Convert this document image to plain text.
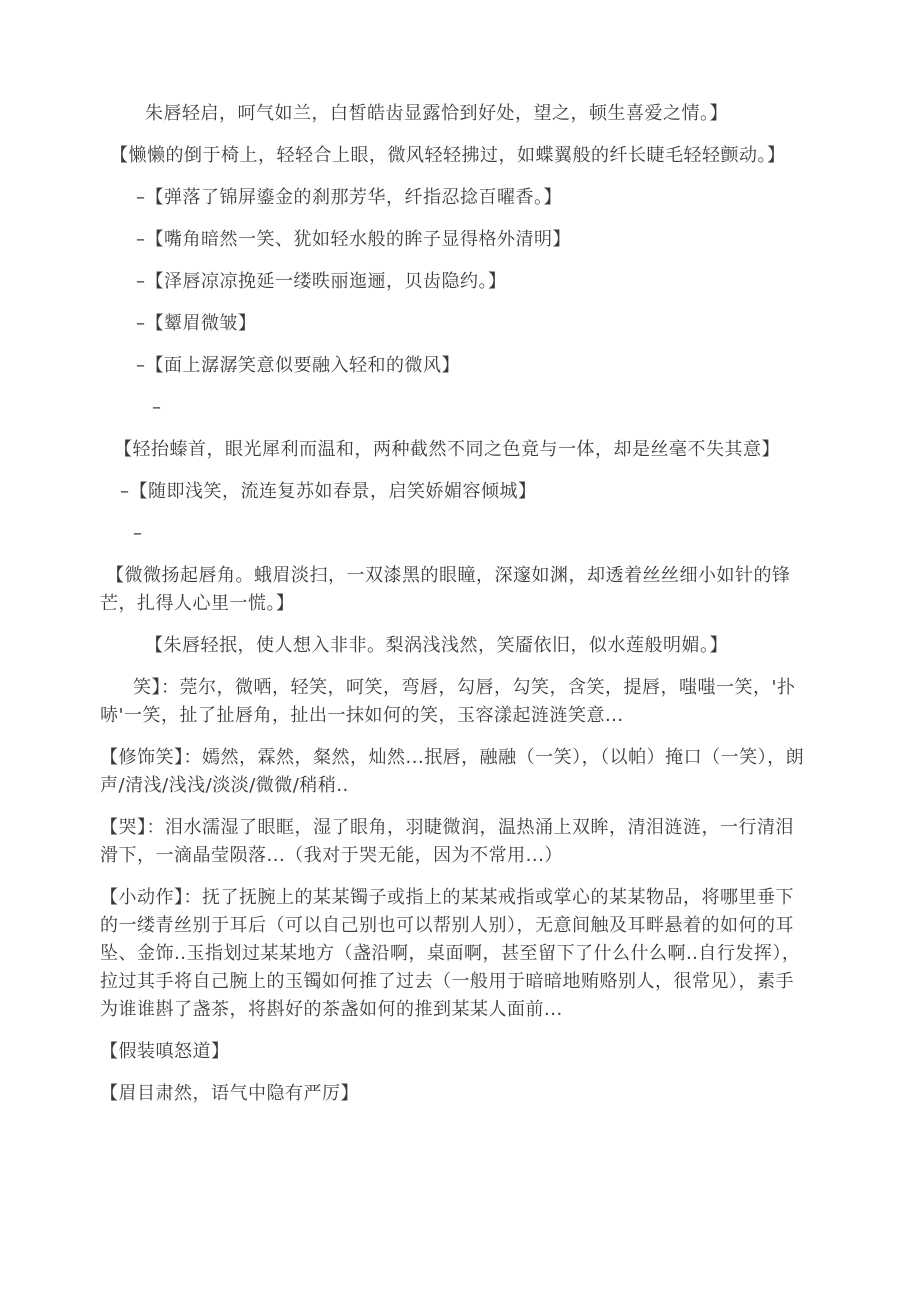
朱唇轻启，呵气如兰，白皙皓齿显露恰到好处，望之，顿生喜爱之情。】

【懒懒的倒于椅上，轻轻合上眼，微风轻轻拂过，如蝶翼般的纤长睫毛轻轻颤动。】

–【弹落了锦屏鎏金的刹那芳华，纤指忍捻百曜香。】

–【嘴角暗然一笑、犹如轻水般的眸子显得格外清明】

–【泽唇凉凉挽延一缕昳丽迤逦，贝齿隐约。】

–【颦眉微皱】

–【面上潺潺笑意似要融入轻和的微风】

–

【轻抬螓首，眼光犀利而温和，两种截然不同之色竟与一体，却是丝毫不失其意】

–【随即浅笑，流连复苏如春景，启笑娇媚容倾城】

–

【微微扬起唇角。蛾眉淡扫，一双漆黑的眼瞳，深邃如渊，却透着丝丝细小如针的锋芒，扎得人心里一慌。】

【朱唇轻抿，使人想入非非。梨涡浅浅然，笑靥依旧，似水莲般明媚。】

笑】：莞尔，微哂，轻笑，呵笑，弯唇，勾唇，勾笑，含笑，提唇，嗤嗤一笑，'扑哧'一笑，扯了扯唇角，扯出一抹如何的笑，玉容漾起涟涟笑意...

【修饰笑】：嫣然，霖然，粲然，灿然...抿唇，融融（一笑），（以帕）掩口（一笑），朗声/清浅/浅浅/淡淡/微微/稍稍..

【哭】：泪水濡湿了眼眶，湿了眼角，羽睫微润，温热涌上双眸，清泪涟涟，一行清泪滑下，一滴晶莹陨落...（我对于哭无能，因为不常用...）

【小动作】：抚了抚腕上的某某镯子或指上的某某戒指或掌心的某某物品，将哪里垂下的一缕青丝别于耳后（可以自己别也可以帮别人别），无意间触及耳畔悬着的如何的耳坠、金饰..玉指划过某某地方（盏沿啊，桌面啊，甚至留下了什么什么啊..自行发挥），拉过其手将自己腕上的玉镯如何推了过去（一般用于暗暗地贿赂别人，很常见），素手为谁谁斟了盏茶，将斟好的茶盏如何的推到某某人面前...

【假装嗔怒道】

【眉目肃然，语气中隐有严厉】
